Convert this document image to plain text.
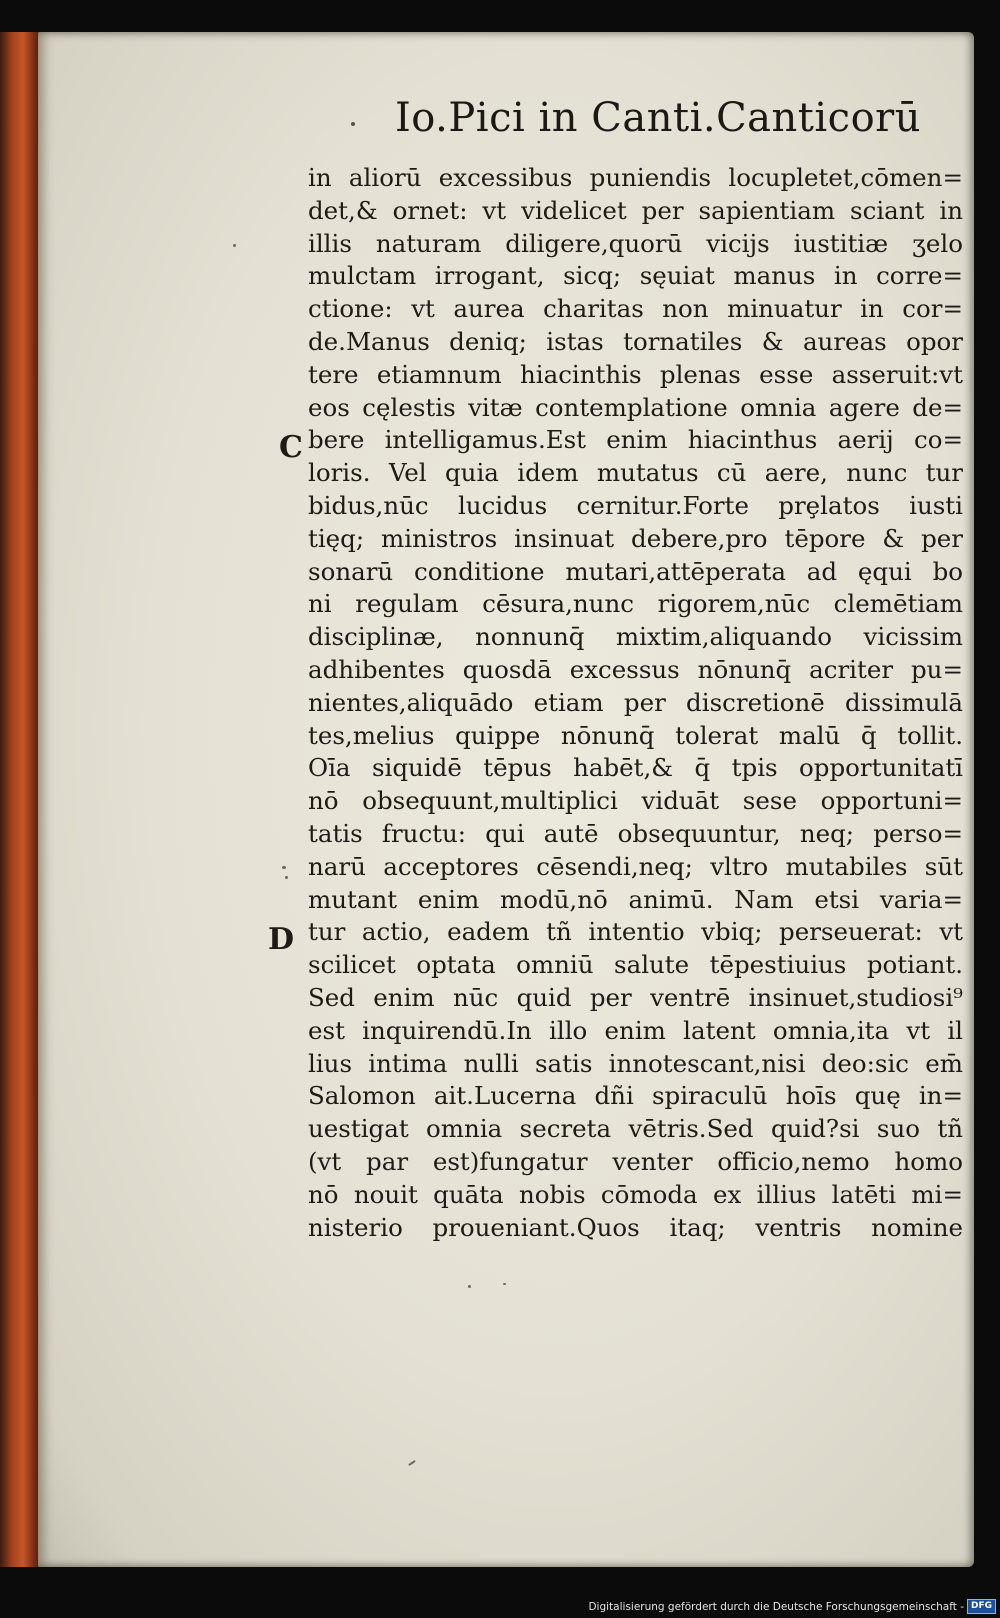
Io.Pici in Canti.Canticorū
C
D
in aliorū excessibus puniendis locupletet,cōmen=
det,& ornet: vt videlicet per sapientiam sciant in
illis naturam diligere,quorū vicijs iustitiæ ʒelo
mulctam irrogant, sicq; sęuiat manus in corre=
ctione: vt aurea charitas non minuatur in cor=
de.Manus deniq; istas tornatiles & aureas opor
tere etiamnum hiacinthis plenas esse asseruit:vt
eos cęlestis vitæ contemplatione omnia agere de=
bere intelligamus.Est enim hiacinthus aerij co=
loris. Vel quia idem mutatus cū aere, nunc tur
bidus,nūc lucidus cernitur.Forte prȩlatos iusti
tięq; ministros insinuat debere,pro tēpore & per
sonarū conditione mutari,attēperata ad ęqui bo
ni regulam cēsura,nunc rigorem,nūc clemētiam
disciplinæ, nonnunq̄ mixtim,aliquando vicissim
adhibentes quosdā excessus nōnunq̄ acriter pu=
nientes,aliquādo etiam per discretionē dissimulā
tes,melius quippe nōnunq̄ tolerat malū q̄ tollit.
Oīa siquidē tēpus habēt,& q̄ tpis opportunitatī
nō obsequunt,multiplici viduāt sese opportuni=
tatis fructu: qui autē obsequuntur, neq; perso=
narū acceptores cēsendi,neq; vltro mutabiles sūt
mutant enim modū,nō animū. Nam etsi varia=
tur actio, eadem tñ intentio vbiq; perseuerat: vt
scilicet optata omniū salute tēpestiuius potiant.
Sed enim nūc quid per ventrē insinuet,studiosi⁹
est inquirendū.In illo enim latent omnia,ita vt il
lius intima nulli satis innotescant,nisi deo:sic em̄
Salomon ait.Lucerna dñi spiraculū hoīs quę in=
uestigat omnia secreta vētris.Sed quid?si suo tñ
(vt par est)fungatur venter officio,nemo homo
nō nouit quāta nobis cōmoda ex illius latēti mi=
nisterio proueniant.Quos itaq; ventris nomine
Digitalisierung gefördert durch die Deutsche Forschungsgemeinschaft - DFG
